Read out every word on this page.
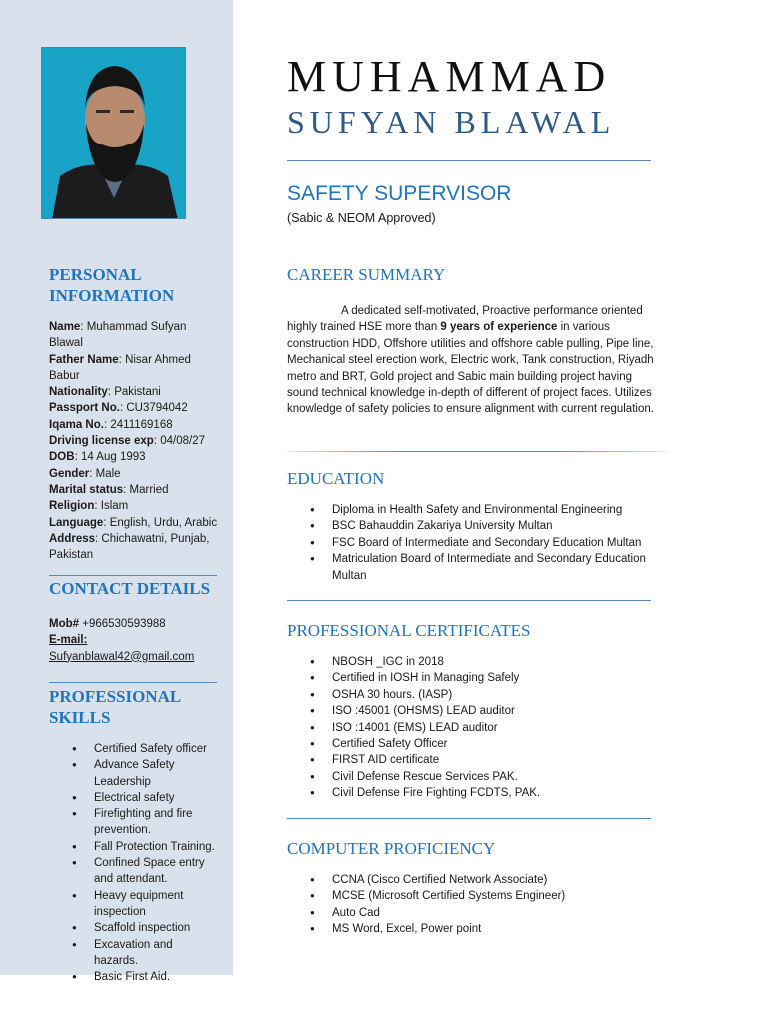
PERSONAL INFORMATION
Name: Muhammad Sufyan Blawal
Father Name: Nisar Ahmed Babur
Nationality: Pakistani
Passport No.: CU3794042
Iqama No.: 2411169168
Driving license exp: 04/08/27
DOB: 14 Aug 1993
Gender: Male
Marital status: Married
Religion: Islam
Language: English, Urdu, Arabic
Address: Chichawatni, Punjab, Pakistan
CONTACT DETAILS
Mob# +966530593988
E-mail:
Sufyanblawal42@gmail.com
PROFESSIONAL SKILLS
● Certified Safety officer
● Advance Safety Leadership
● Electrical safety
● Firefighting and fire prevention.
● Fall Protection Training.
● Confined Space entry and attendant.
● Heavy equipment inspection
● Scaffold inspection
● Excavation and hazards.
● Basic First Aid.
MUHAMMAD
SUFYAN BLAWAL
SAFETY SUPERVISOR

(Sabic & NEOM Approved)

CAREER SUMMARY

A dedicated self-motivated, Proactive performance oriented highly trained HSE more than 9 years of experience in various construction HDD, Offshore utilities and offshore cable pulling, Pipe line, Mechanical steel erection work, Electric work, Tank construction, Riyadh metro and BRT, Gold project and Sabic main building project having sound technical knowledge in-depth of different of project faces. Utilizes knowledge of safety policies to ensure alignment with current regulation.

EDUCATION
● Diploma in Health Safety and Environmental Engineering
● BSC Bahauddin Zakariya University Multan
● FSC Board of Intermediate and Secondary Education Multan
● Matriculation Board of Intermediate and Secondary Education Multan
PROFESSIONAL CERTIFICATES
● NBOSH _IGC in 2018
● Certified in IOSH in Managing Safely
● OSHA 30 hours. (IASP)
● ISO :45001 (OHSMS) LEAD auditor
● ISO :14001 (EMS) LEAD auditor
● Certified Safety Officer
● FIRST AID certificate
● Civil Defense Rescue Services PAK.
● Civil Defense Fire Fighting FCDTS, PAK.
COMPUTER PROFICIENCY
● CCNA (Cisco Certified Network Associate)
● MCSE (Microsoft Certified Systems Engineer)
● Auto Cad
● MS Word, Excel, Power point
